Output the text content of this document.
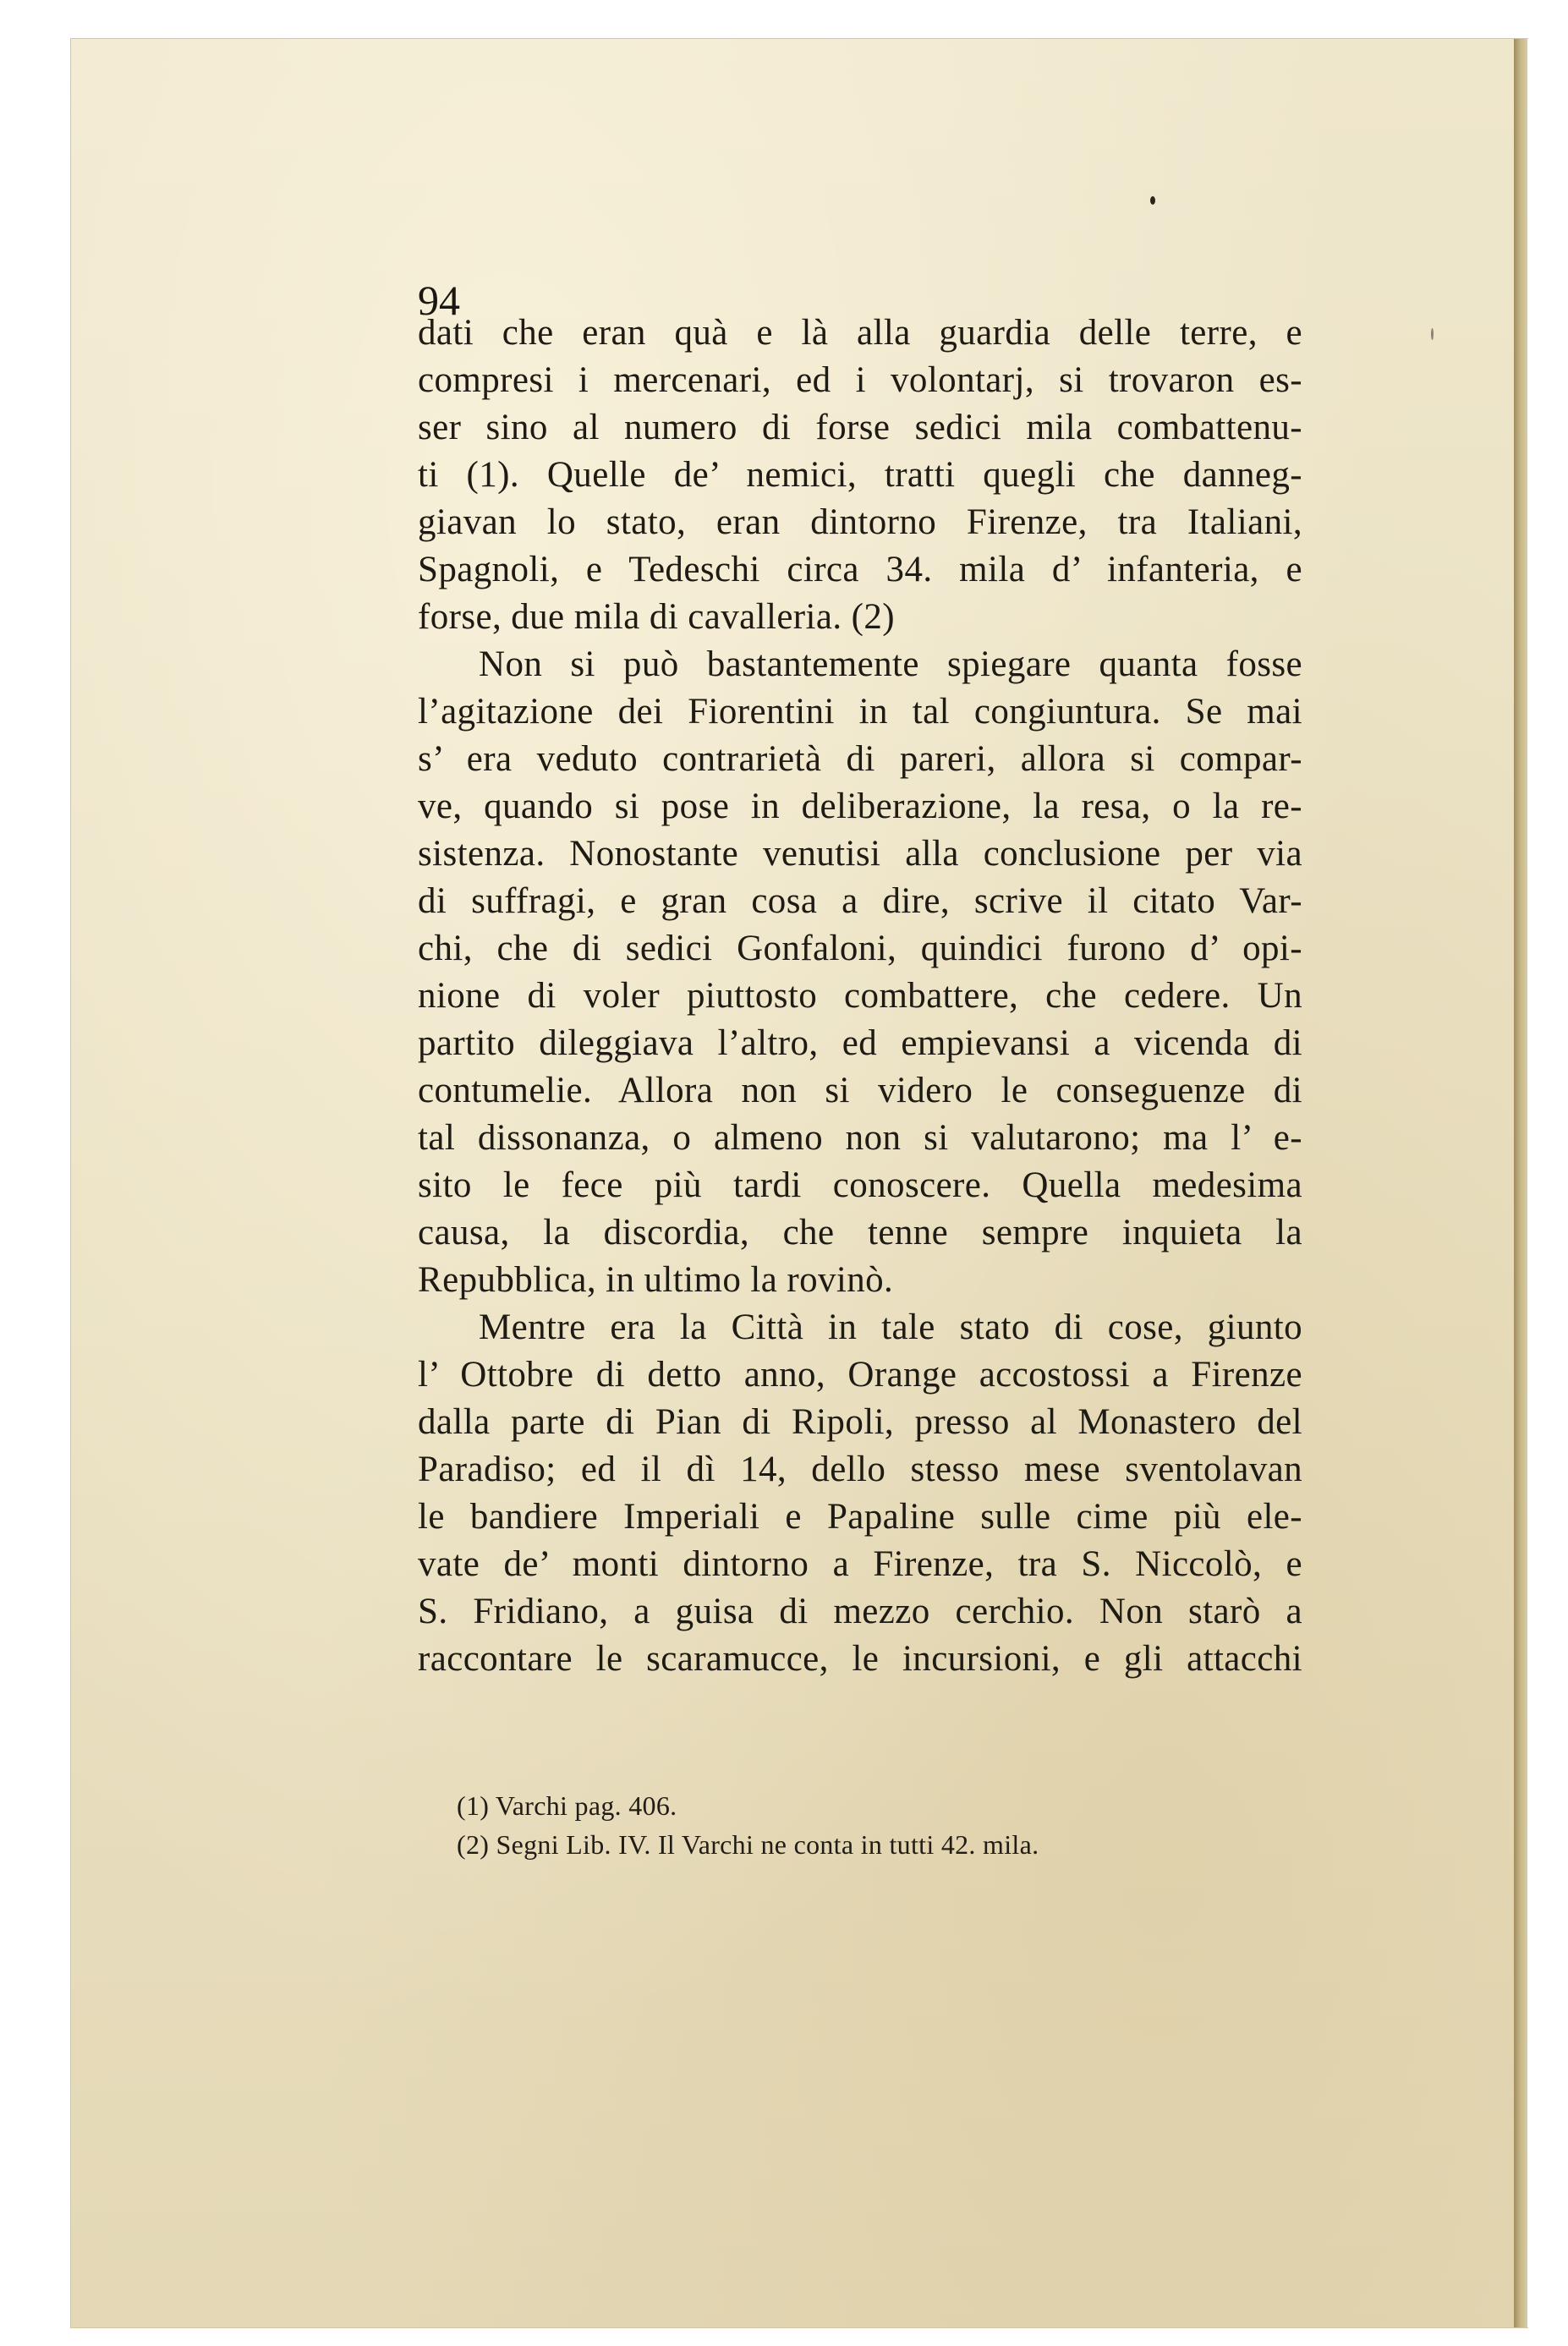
94
dati che eran quà e là alla guardia delle terre, e
compresi i mercenari, ed i volontarj, si trovaron es-
ser sino al numero di forse sedici mila combattenu-
ti (1). Quelle de’ nemici, tratti quegli che danneg-
giavan lo stato, eran dintorno Firenze, tra Italiani,
Spagnoli, e Tedeschi circa 34. mila d’ infanteria, e
forse, due mila di cavalleria. (2)
Non si può bastantemente spiegare quanta fosse
l’agitazione dei Fiorentini in tal congiuntura. Se mai
s’ era veduto contrarietà di pareri, allora si compar-
ve, quando si pose in deliberazione, la resa, o la re-
sistenza. Nonostante venutisi alla conclusione per via
di suffragi, e gran cosa a dire, scrive il citato Var-
chi, che di sedici Gonfaloni, quindici furono d’ opi-
nione di voler piuttosto combattere, che cedere. Un
partito dileggiava l’altro, ed empievansi a vicenda di
contumelie. Allora non si videro le conseguenze di
tal dissonanza, o almeno non si valutarono; ma l’ e-
sito le fece più tardi conoscere. Quella medesima
causa, la discordia, che tenne sempre inquieta la
Repubblica, in ultimo la rovinò.
Mentre era la Città in tale stato di cose, giunto
l’ Ottobre di detto anno, Orange accostossi a Firenze
dalla parte di Pian di Ripoli, presso al Monastero del
Paradiso; ed il dì 14, dello stesso mese sventolavan
le bandiere Imperiali e Papaline sulle cime più ele-
vate de’ monti dintorno a Firenze, tra S. Niccolò, e
S. Fridiano, a guisa di mezzo cerchio. Non starò a
raccontare le scaramucce, le incursioni, e gli attacchi
(1) Varchi pag. 406.
(2) Segni Lib. IV. Il Varchi ne conta in tutti 42. mila.
